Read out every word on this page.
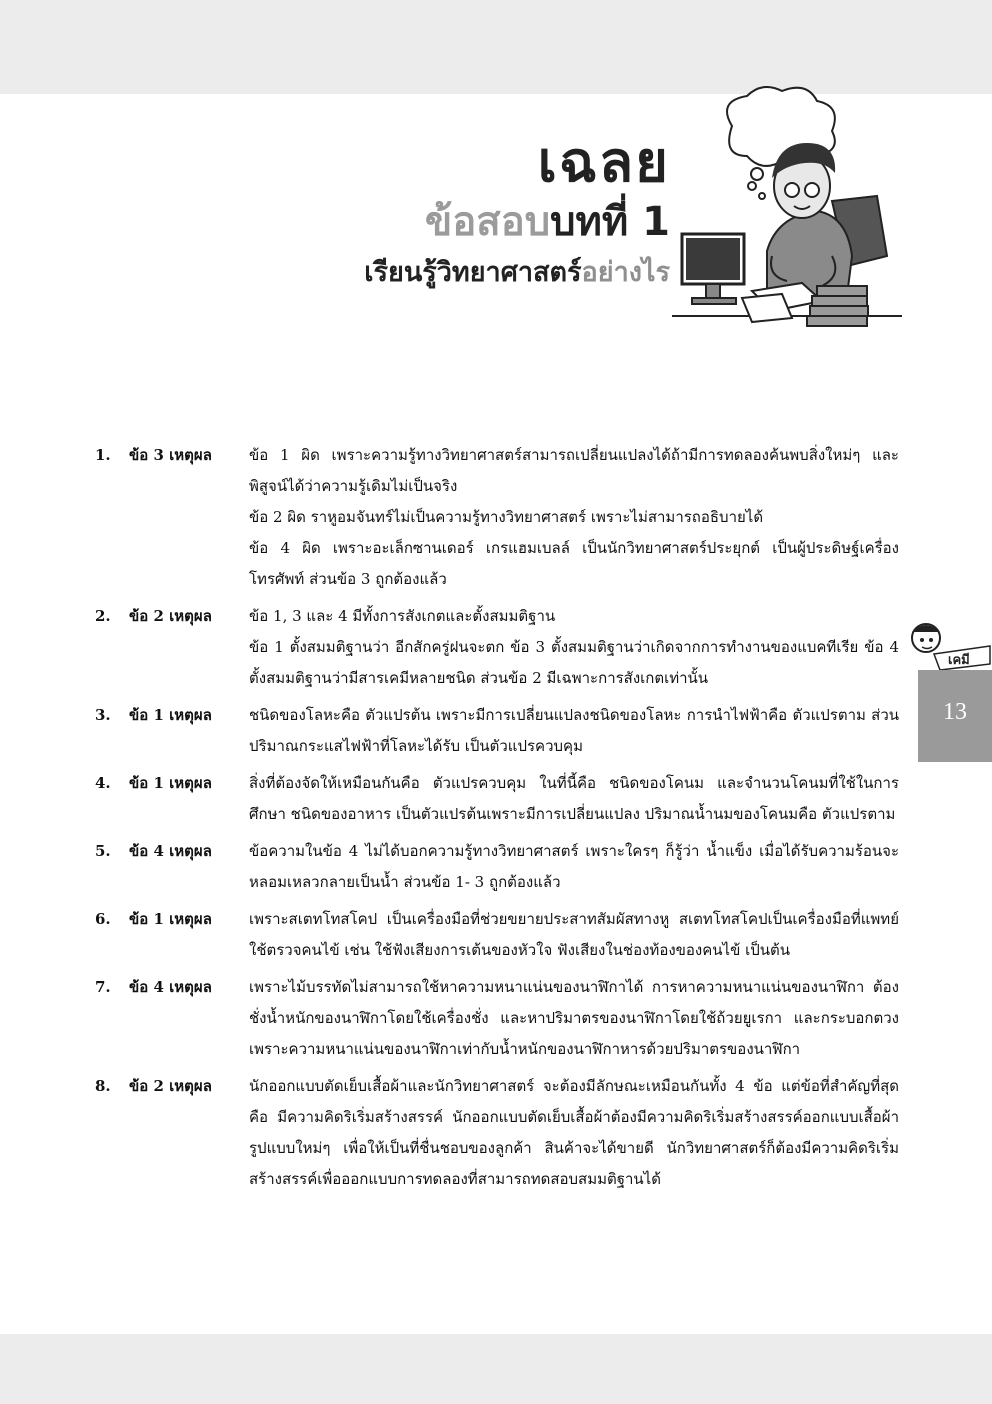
เฉลย
ข้อสอบบทที่ 1
เรียนรู้วิทยาศาสตร์อย่างไร
เคมี
13
1.	ข้อ 3 เหตุผล	ข้อ 1 ผิด เพราะความรู้ทางวิทยาศาสตร์สามารถเปลี่ยนแปลงได้ถ้ามีการทดลองค้นพบสิ่งใหม่ๆ และพิสูจน์ได้ว่าความรู้เดิมไม่เป็นจริง

ข้อ 2 ผิด ราหูอมจันทร์ไม่เป็นความรู้ทางวิทยาศาสตร์ เพราะไม่สามารถอธิบายได้

ข้อ 4 ผิด เพราะอะเล็กซานเดอร์ เกรแฮมเบลล์ เป็นนักวิทยาศาสตร์ประยุกต์ เป็นผู้ประดิษฐ์เครื่องโทรศัพท์ ส่วนข้อ 3 ถูกต้องแล้ว

2.	ข้อ 2 เหตุผล	ข้อ 1, 3 และ 4 มีทั้งการสังเกตและตั้งสมมติฐาน

ข้อ 1 ตั้งสมมติฐานว่า อีกสักครู่ฝนจะตก ข้อ 3 ตั้งสมมติฐานว่าเกิดจากการทำงานของแบคทีเรีย ข้อ 4 ตั้งสมมติฐานว่ามีสารเคมีหลายชนิด ส่วนข้อ 2 มีเฉพาะการสังเกตเท่านั้น

3.	ข้อ 1 เหตุผล	ชนิดของโลหะคือ ตัวแปรต้น เพราะมีการเปลี่ยนแปลงชนิดของโลหะ การนำไฟฟ้าคือ ตัวแปรตาม ส่วนปริมาณกระแสไฟฟ้าที่โลหะได้รับ เป็นตัวแปรควบคุม

4.	ข้อ 1 เหตุผล	สิ่งที่ต้องจัดให้เหมือนกันคือ ตัวแปรควบคุม ในที่นี้คือ ชนิดของโคนม และจำนวนโคนมที่ใช้ในการศึกษา ชนิดของอาหาร เป็นตัวแปรต้นเพราะมีการเปลี่ยนแปลง ปริมาณน้ำนมของโคนมคือ ตัวแปรตาม

5.	ข้อ 4 เหตุผล	ข้อความในข้อ 4 ไม่ได้บอกความรู้ทางวิทยาศาสตร์ เพราะใครๆ ก็รู้ว่า น้ำแข็ง เมื่อได้รับความร้อนจะหลอมเหลวกลายเป็นน้ำ ส่วนข้อ 1- 3 ถูกต้องแล้ว

6.	ข้อ 1 เหตุผล	เพราะสเตทโทสโคป เป็นเครื่องมือที่ช่วยขยายประสาทสัมผัสทางหู สเตทโทสโคปเป็นเครื่องมือที่แพทย์ใช้ตรวจคนไข้ เช่น ใช้ฟังเสียงการเต้นของหัวใจ ฟังเสียงในช่องท้องของคนไข้ เป็นต้น

7.	ข้อ 4 เหตุผล	เพราะไม้บรรทัดไม่สามารถใช้หาความหนาแน่นของนาฬิกาได้ การหาความหนาแน่นของนาฬิกา ต้องชั่งน้ำหนักของนาฬิกาโดยใช้เครื่องชั่ง และหาปริมาตรของนาฬิกาโดยใช้ถ้วยยูเรกา และกระบอกตวง เพราะความหนาแน่นของนาฬิกาเท่ากับน้ำหนักของนาฬิกาหารด้วยปริมาตรของนาฬิกา

8.	ข้อ 2 เหตุผล	นักออกแบบตัดเย็บเสื้อผ้าและนักวิทยาศาสตร์ จะต้องมีลักษณะเหมือนกันทั้ง 4 ข้อ แต่ข้อที่สำคัญที่สุดคือ มีความคิดริเริ่มสร้างสรรค์ นักออกแบบตัดเย็บเสื้อผ้าต้องมีความคิดริเริ่มสร้างสรรค์ออกแบบเสื้อผ้ารูปแบบใหม่ๆ เพื่อให้เป็นที่ชื่นชอบของลูกค้า สินค้าจะได้ขายดี นักวิทยาศาสตร์ก็ต้องมีความคิดริเริ่มสร้างสรรค์เพื่อออกแบบการทดลองที่สามารถทดสอบสมมติฐานได้
